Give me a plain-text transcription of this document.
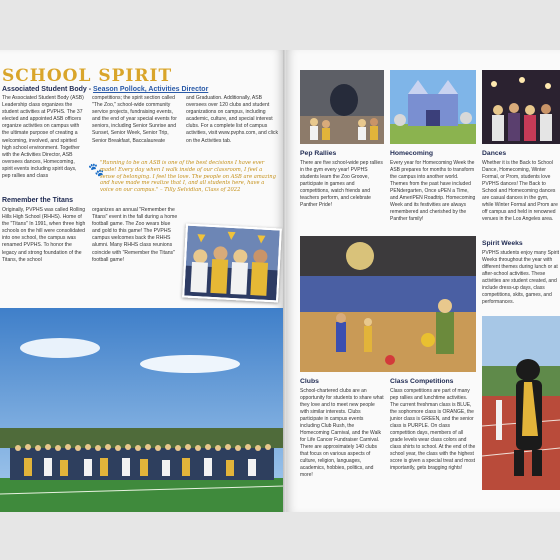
SCHOOL SPIRIT
Associated Student Body - Season Pollock, Activities Director
The Associated Student Body (ASB) Leadership class organizes the student activities at PVPHS. The 37 elected and appointed ASB officers organize activities on campus with the ultimate purpose of creating a welcoming, involved, and spirited high school environment. Together with the Activities Director, ASB oversees dances, Homecoming, spirit events including spirit days, pep rallies and class
competitions; the spirit section called "The Zoo," school-wide community service projects, fundraising events, and the end of year special events for seniors, including Senior Sunrise and Sunset, Senior Week, Senior Trip, Senior Breakfast, Baccalaureate
and Graduation. Additionally, ASB oversees over 120 clubs and student organizations on campus, including academic, culture, and special interest clubs. For a complete list of campus activities, visit www.pvphs.com, and click on the Activities tab.
🐾
"Running to be an ASB is one of the best decisions I have ever made! Every day when I walk inside of our classroom, I feel a sense of belonging. I feel the love. The people on ASB are amazing and have made me realize that I, and all students here, have a voice on our campus." – Tilly Selvidian, Class of 2022
Remember the Titans
Originally, PVPHS was called Rolling Hills High School (RHHS). Home of the "Titans" In 1991, when three high schools on the hill were consolidated into one school, the campus was renamed PVPHS. To honor the legacy and strong foundation of the Titans, the school
organizes an annual "Remember the Titans" event in the fall during a home football game. The Zoo wears blue and gold to this game! The PVPHS campus welcomes back the RHHS alumni. Many RHHS class reunions coincide with "Remember the Titans" football game!
Pep Rallies
There are five school-wide pep rallies in the gym every year! PVPHS students learn the Zoo Groove, participate in games and competitions, watch friends and teachers perform, and celebrate Panther Pride!
Homecoming
Every year for Homecoming Week the ASB prepares for months to transform the campus into another world. Themes from the past have included PENdergarten, Once uPEN a Time, and AmeriPEN Roadtrip. Homecoming Week and its festivities are always remembered and cherished by the Panther family!
Dances
Whether it is the Back to School Dance, Homecoming, Winter Formal, or Prom, students love PVPHS dances! The Back to School and Homecoming dances are casual dances in the gym, while Winter Formal and Prom are off campus and held in renowned venues in the Los Angeles area.
Spirit Weeks
PVPHS students enjoy many Spirit Weeks throughout the year with different themes during lunch or at after-school activities. These activities are student created, and include dress-up days, class competitions, skits, games, and performances.
Clubs
School-chartered clubs are an opportunity for students to share what they love and to meet new people with similar interests. Clubs participate in campus events including Club Rush, the Homecoming Carnival, and the Walk for Life Cancer Fundraiser Carnival. There are approximately 140 clubs that focus on various aspects of culture, religion, languages, academics, hobbies, politics, and more!
Class Competitions
Class competitions are part of many pep rallies and lunchtime activities. The current freshman class is BLUE, the sophomore class is ORANGE, the junior class is GREEN, and the senior class is PURPLE. On class competition days, members of all grade levels wear class colors and class shirts to school. At the end of the school year, the class with the highest score is given a special treat and most importantly, gets bragging rights!
